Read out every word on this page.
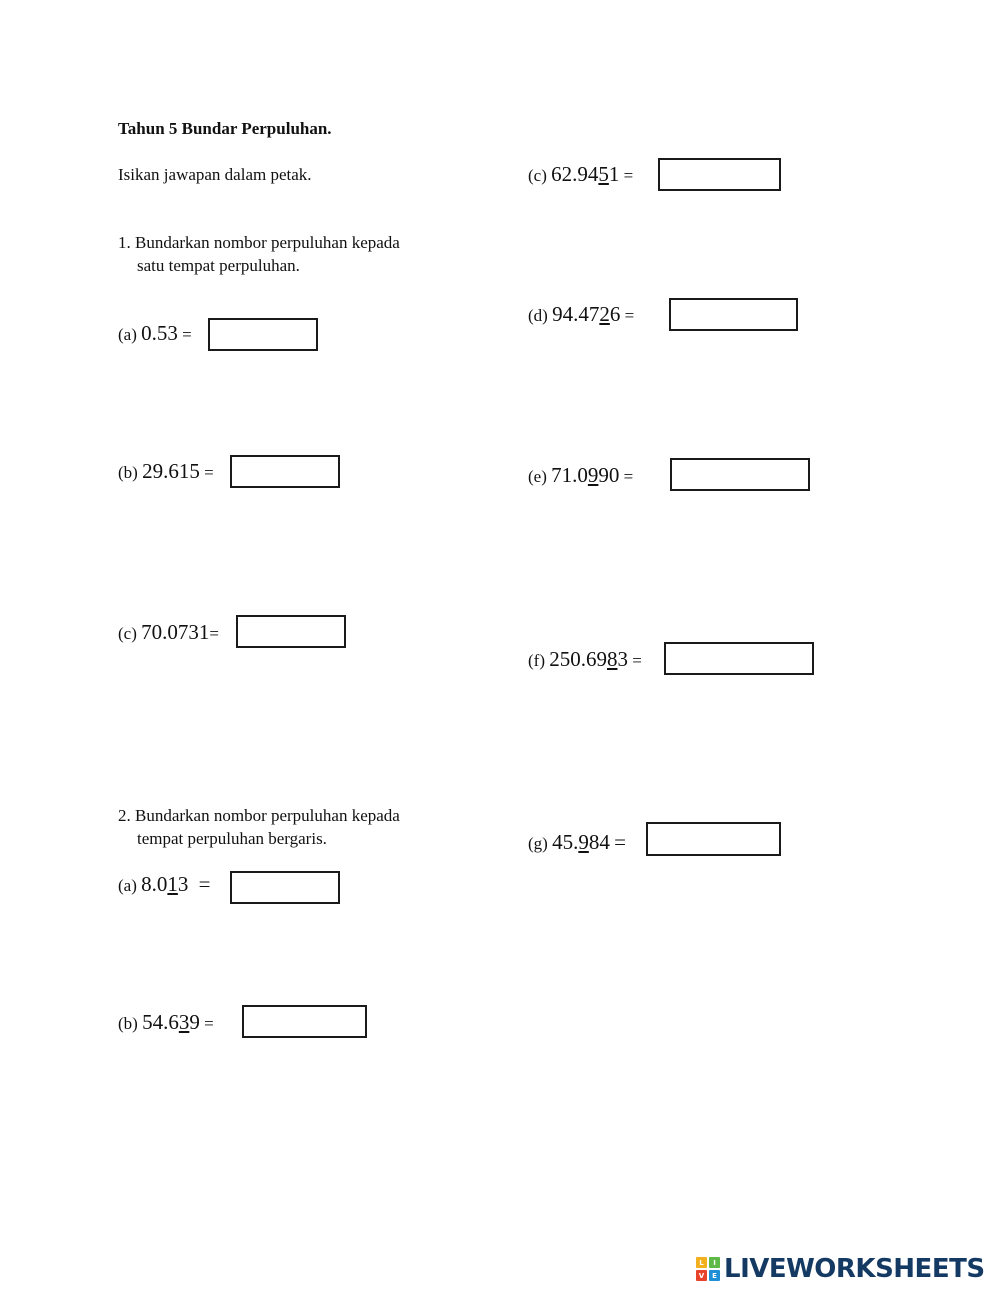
Tahun 5 Bundar Perpuluhan.
Isikan jawapan dalam petak.
1. Bundarkan nombor perpuluhan kepada
satu tempat perpuluhan.
(a) 0.53 =
(b) 29.615 =
(c) 70.0731=
2. Bundarkan nombor perpuluhan kepada
tempat perpuluhan bergaris.
(a) 8.013 =
(b) 54.639 =
(c) 62.9451 =
(d) 94.4726 =
(e) 71.0990 =
(f) 250.6983 =
(g) 45.984 =
L	I
V	E LIVEWORKSHEETS
